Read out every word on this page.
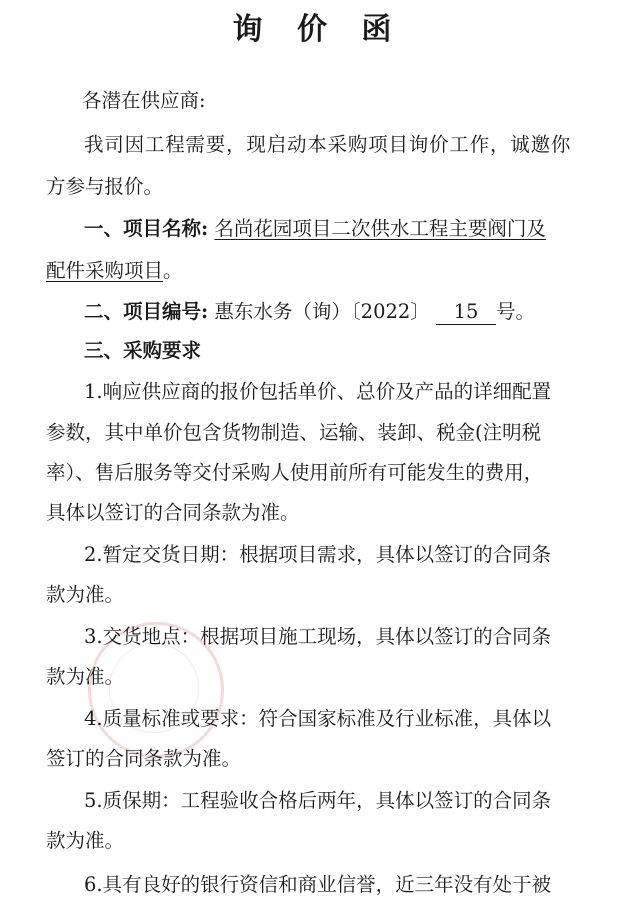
询 价 函
各潜在供应商:
我司因工程需要，现启动本采购项目询价工作，诚邀你
方参与报价。
一、项目名称: 名尚花园项目二次供水工程主要阀门及
配件采购项目。
二、项目编号: 惠东水务（询）〔2022〕 15 号。
三、采购要求
1.响应供应商的报价包括单价、总价及产品的详细配置
参数，其中单价包含货物制造、运输、装卸、税金(注明税
率）、售后服务等交付采购人使用前所有可能发生的费用，
具体以签订的合同条款为准。
2.暂定交货日期：根据项目需求，具体以签订的合同条
款为准。
3.交货地点：根据项目施工现场，具体以签订的合同条
款为准。
4.质量标准或要求：符合国家标准及行业标准，具体以
签订的合同条款为准。
5.质保期：工程验收合格后两年，具体以签订的合同条
款为准。
6.具有良好的银行资信和商业信誉，近三年没有处于被
